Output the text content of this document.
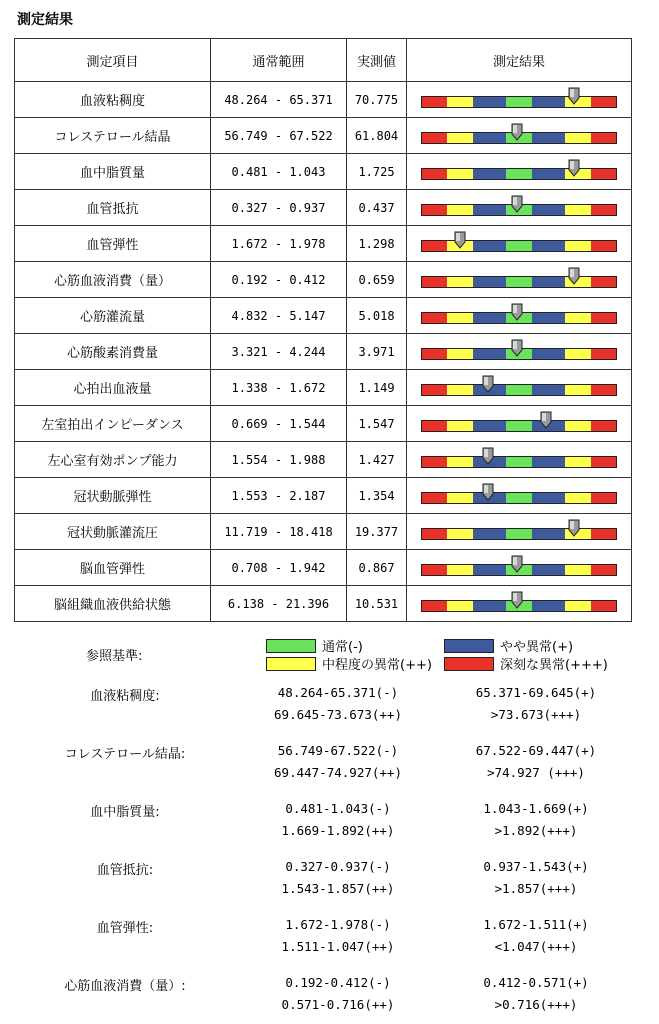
測定結果
測定項目	通常範囲	実測値	測定結果
血液粘稠度	48.264 - 65.371	70.775	

コレステロール結晶	56.749 - 67.522	61.804	

血中脂質量	0.481 - 1.043	1.725	

血管抵抗	0.327 - 0.937	0.437	

血管弾性	1.672 - 1.978	1.298	

心筋血液消費（量）	0.192 - 0.412	0.659	

心筋灌流量	4.832 - 5.147	5.018	

心筋酸素消費量	3.321 - 4.244	3.971	

心拍出血液量	1.338 - 1.672	1.149	

左室拍出インピーダンス	0.669 - 1.544	1.547	

左心室有効ポンプ能力	1.554 - 1.988	1.427	

冠状動脈弾性	1.553 - 2.187	1.354	

冠状動脈灌流圧	11.719 - 18.418	19.377	

脳血管弾性	0.708 - 1.942	0.867	

脳組織血液供給状態	6.138 - 21.396	10.531	
参照基準:
通常(-)	やや異常(+)
中程度の異常(++)	深刻な異常(+++)
血液粘稠度:	48.264-65.371(-)	65.371-69.645(+)
69.645-73.673(++)	>73.673(+++)
コレステロール結晶:	56.749-67.522(-)	67.522-69.447(+)
69.447-74.927(++)	>74.927 (+++)
血中脂質量:	0.481-1.043(-)	1.043-1.669(+)
1.669-1.892(++)	>1.892(+++)
血管抵抗:	0.327-0.937(-)	0.937-1.543(+)
1.543-1.857(++)	>1.857(+++)
血管弾性:	1.672-1.978(-)	1.672-1.511(+)
1.511-1.047(++)	<1.047(+++)
心筋血液消費（量）:	0.192-0.412(-)	0.412-0.571(+)
0.571-0.716(++)	>0.716(+++)
